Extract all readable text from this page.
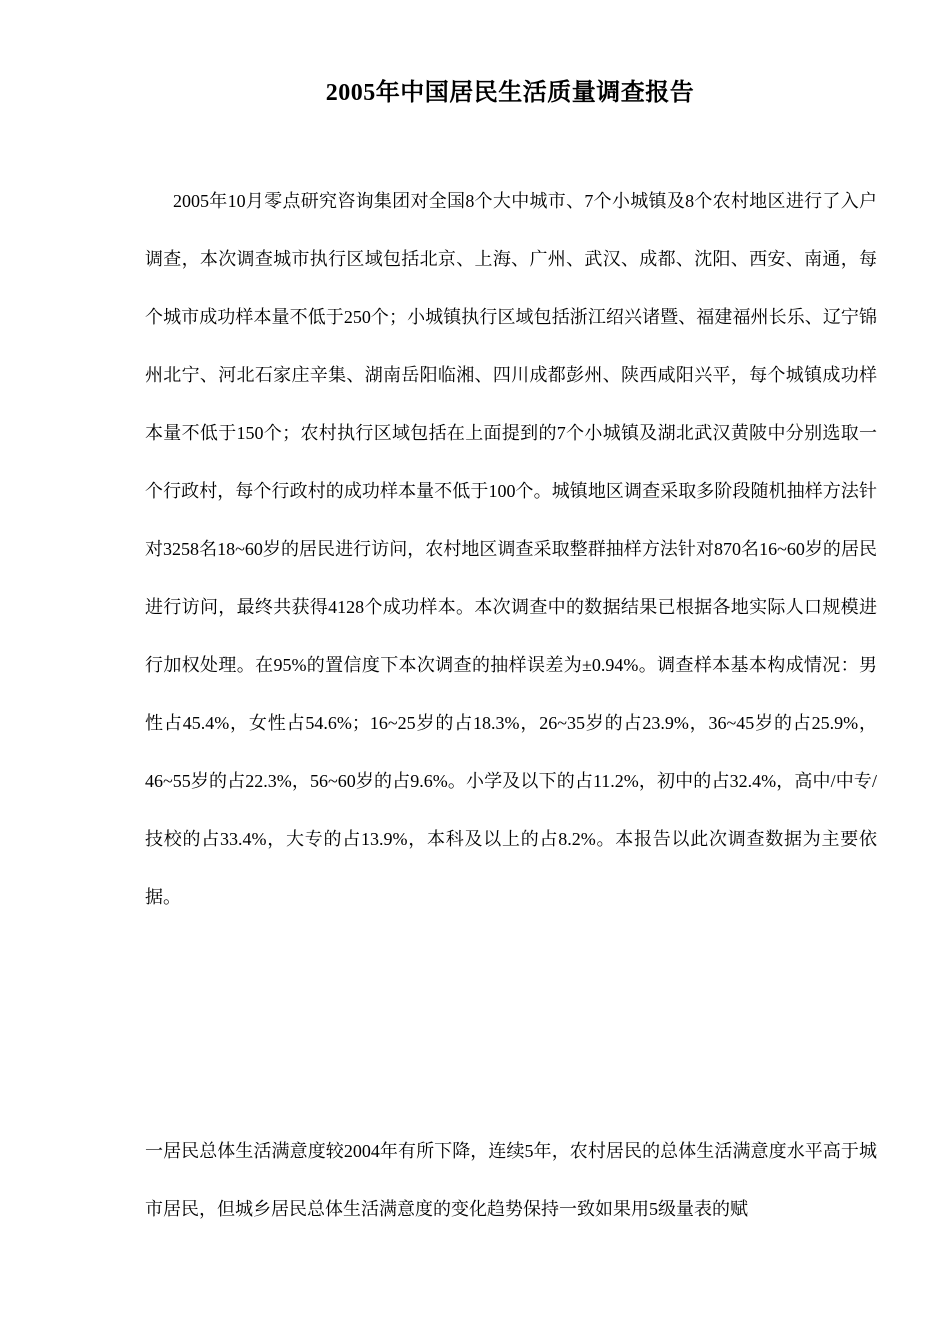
2005年中国居民生活质量调查报告

2005年10月零点研究咨询集团对全国8个大中城市、7个小城镇及8个农村地区进行了入户调查，本次调查城市执行区域包括北京、上海、广州、武汉、成都、沈阳、西安、南通，每个城市成功样本量不低于250个；小城镇执行区域包括浙江绍兴诸暨、福建福州长乐、辽宁锦州北宁、河北石家庄辛集、湖南岳阳临湘、四川成都彭州、陕西咸阳兴平，每个城镇成功样本量不低于150个；农村执行区域包括在上面提到的7个小城镇及湖北武汉黄陂中分别选取一个行政村，每个行政村的成功样本量不低于100个。城镇地区调查采取多阶段随机抽样方法针对3258名18~60岁的居民进行访问，农村地区调查采取整群抽样方法针对870名16~60岁的居民进行访问，最终共获得4128个成功样本。本次调查中的数据结果已根据各地实际人口规模进行加权处理。在95%的置信度下本次调查的抽样误差为±0.94%。调查样本基本构成情况：男性占45.4%，女性占54.6%；16~25岁的占18.3%，26~35岁的占23.9%，36~45岁的占25.9%，46~55岁的占22.3%，56~60岁的占9.6%。小学及以下的占11.2%，初中的占32.4%，高中/中专/技校的占33.4%，大专的占13.9%，本科及以上的占8.2%。本报告以此次调查数据为主要依据。

一居民总体生活满意度较2004年有所下降，连续5年，农村居民的总体生活满意度水平高于城市居民，但城乡居民总体生活满意度的变化趋势保持一致如果用5级量表的赋
